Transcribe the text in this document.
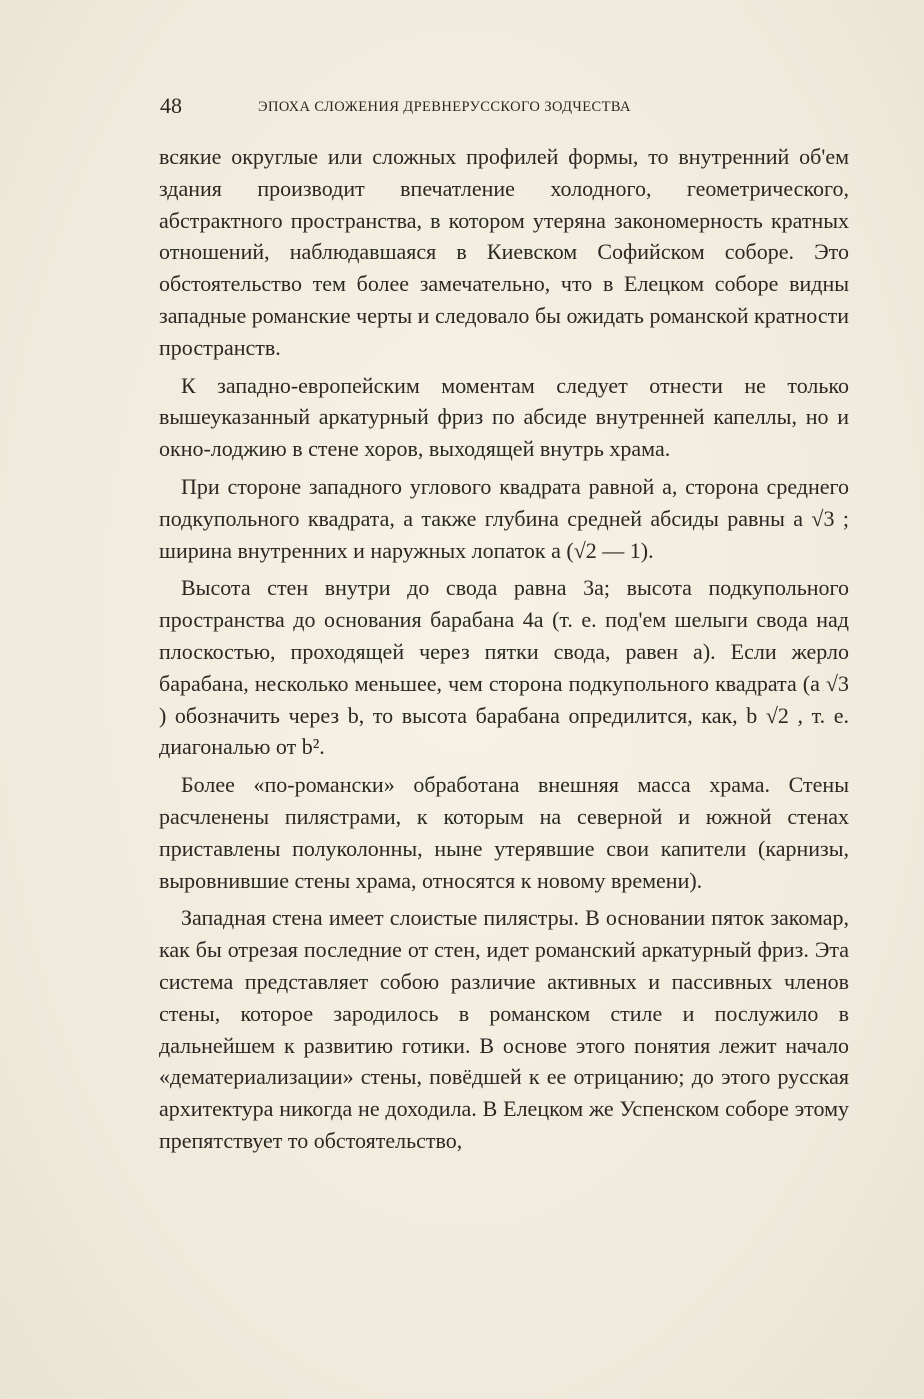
48	ЭПОХА СЛОЖЕНИЯ ДРЕВНЕРУССКОГО ЗОДЧЕСТВА

всякие округлые или сложных профилей формы, то внутренний об'ем здания производит впечатление холодного, геометрического, абстрактного пространства, в котором утеряна закономерность кратных отношений, наблюдавшаяся в Киевском Софийском соборе. Это обстоятельство тем более замечательно, что в Елецком соборе видны западные романские черты и следовало бы ожидать романской кратности пространств.

К западно-европейским моментам следует отнести не только вышеуказанный аркатурный фриз по абсиде внутренней капеллы, но и окно-лоджию в стене хоров, выходящей внутрь храма.

При стороне западного углового квадрата равной а, сторона среднего подкупольного квадрата, а также глубина средней абсиды равны а √3 ; ширина внутренних и наружных лопаток а (√2 — 1).

Высота стен внутри до свода равна 3а; высота подкупольного пространства до основания барабана 4а (т. е. под'ем шелыги свода над плоскостью, проходящей через пятки свода, равен а). Если жерло барабана, несколько меньшее, чем сторона подкупольного квадрата (а √3 ) обозначить через b, то высота барабана опредилится, как, b √2 , т. е. диагональю от b².

Более «по-романски» обработана внешняя масса храма. Стены расчленены пилястрами, к которым на северной и южной стенах приставлены полуколонны, ныне утерявшие свои капители (карнизы, выровнившие стены храма, относятся к новому времени).

Западная стена имеет слоистые пилястры. В основании пяток закомар, как бы отрезая последние от стен, идет романский аркатурный фриз. Эта система представляет собою различие активных и пассивных членов стены, которое зародилось в романском стиле и послужило в дальнейшем к развитию готики. В основе этого понятия лежит начало «дематериализации» стены, повёдшей к ее отрицанию; до этого русская архитектура никогда не доходила. В Елецком же Успенском соборе этому препятствует то обстоятельство,
